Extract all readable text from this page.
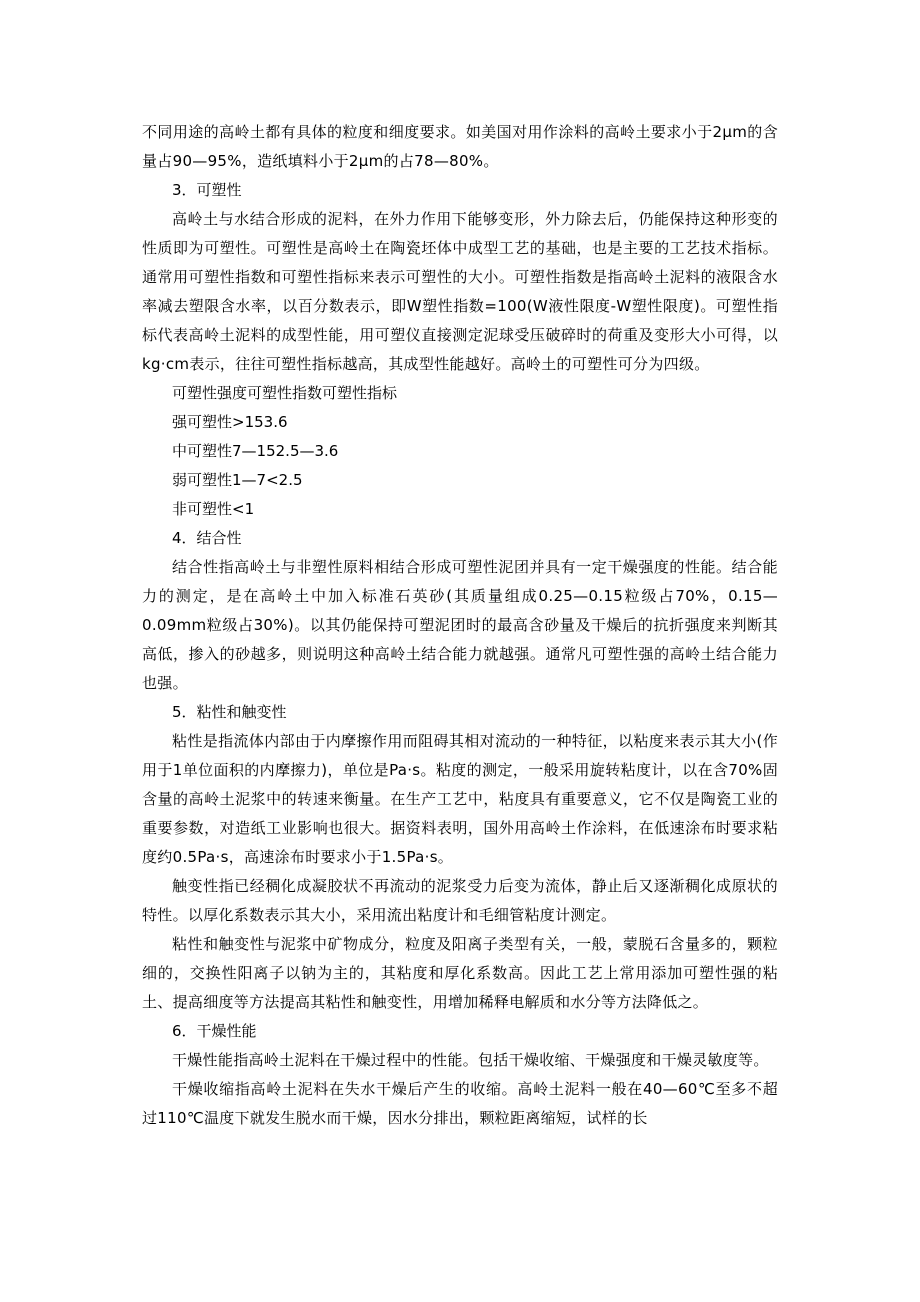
不同用途的高岭土都有具体的粒度和细度要求。如美国对用作涂料的高岭土要求小于2μm的含量占90—95%，造纸填料小于2μm的占78—80%。

3．可塑性

高岭土与水结合形成的泥料，在外力作用下能够变形，外力除去后，仍能保持这种形变的性质即为可塑性。可塑性是高岭土在陶瓷坯体中成型工艺的基础，也是主要的工艺技术指标。通常用可塑性指数和可塑性指标来表示可塑性的大小。可塑性指数是指高岭土泥料的液限含水率减去塑限含水率，以百分数表示，即W塑性指数=100(W液性限度-W塑性限度)。可塑性指标代表高岭土泥料的成型性能，用可塑仪直接测定泥球受压破碎时的荷重及变形大小可得，以kg·cm表示，往往可塑性指标越高，其成型性能越好。高岭土的可塑性可分为四级。

可塑性强度可塑性指数可塑性指标

强可塑性>153.6

中可塑性7—152.5—3.6

弱可塑性1—7<2.5

非可塑性<1

4．结合性

结合性指高岭土与非塑性原料相结合形成可塑性泥团并具有一定干燥强度的性能。结合能力的测定，是在高岭土中加入标准石英砂(其质量组成0.25—0.15粒级占70%，0.15—0.09mm粒级占30%)。以其仍能保持可塑泥团时的最高含砂量及干燥后的抗折强度来判断其高低，掺入的砂越多，则说明这种高岭土结合能力就越强。通常凡可塑性强的高岭土结合能力也强。

5．粘性和触变性

粘性是指流体内部由于内摩擦作用而阻碍其相对流动的一种特征，以粘度来表示其大小(作用于1单位面积的内摩擦力)，单位是Pa·s。粘度的测定，一般采用旋转粘度计，以在含70%固含量的高岭土泥浆中的转速来衡量。在生产工艺中，粘度具有重要意义，它不仅是陶瓷工业的重要参数，对造纸工业影响也很大。据资料表明，国外用高岭土作涂料，在低速涂布时要求粘度约0.5Pa·s，高速涂布时要求小于1.5Pa·s。

触变性指已经稠化成凝胶状不再流动的泥浆受力后变为流体，静止后又逐渐稠化成原状的特性。以厚化系数表示其大小，采用流出粘度计和毛细管粘度计测定。

粘性和触变性与泥浆中矿物成分，粒度及阳离子类型有关，一般，蒙脱石含量多的，颗粒细的，交换性阳离子以钠为主的，其粘度和厚化系数高。因此工艺上常用添加可塑性强的粘土、提高细度等方法提高其粘性和触变性，用增加稀释电解质和水分等方法降低之。

6．干燥性能

干燥性能指高岭土泥料在干燥过程中的性能。包括干燥收缩、干燥强度和干燥灵敏度等。

干燥收缩指高岭土泥料在失水干燥后产生的收缩。高岭土泥料一般在40—60℃至多不超过110℃温度下就发生脱水而干燥，因水分排出，颗粒距离缩短，试样的长
